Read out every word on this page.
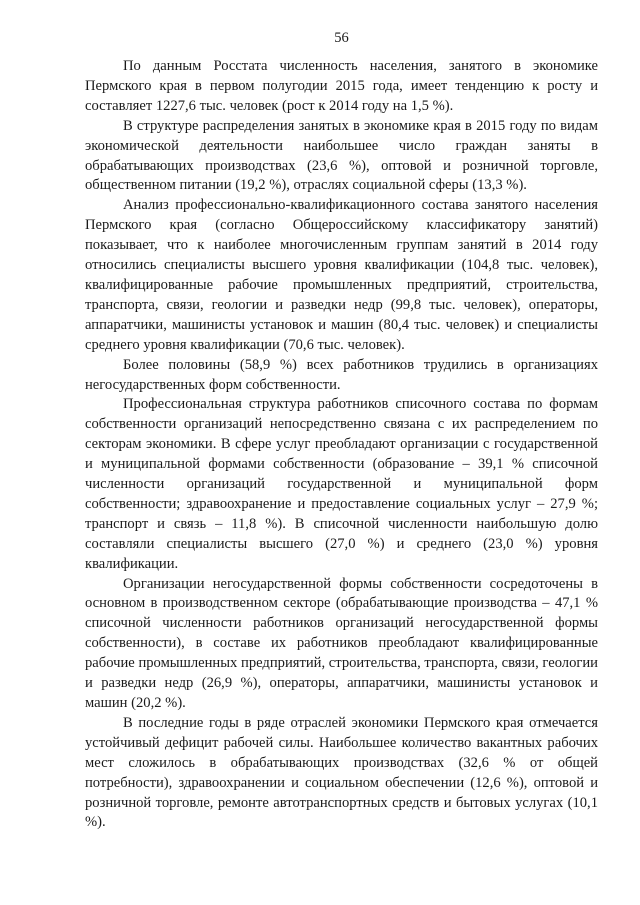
56

По данным Росстата численность населения, занятого в экономике Пермского края в первом полугодии 2015 года, имеет тенденцию к росту и составляет 1227,6 тыс. человек (рост к 2014 году на 1,5 %).

В структуре распределения занятых в экономике края в 2015 году по видам экономической деятельности наибольшее число граждан заняты в обрабатывающих производствах (23,6 %), оптовой и розничной торговле, общественном питании (19,2 %), отраслях социальной сферы (13,3 %).

Анализ профессионально-квалификационного состава занятого населения Пермского края (согласно Общероссийскому классификатору занятий) показывает, что к наиболее многочисленным группам занятий в 2014 году относились специалисты высшего уровня квалификации (104,8 тыс. человек), квалифицированные рабочие промышленных предприятий, строительства, транспорта, связи, геологии и разведки недр (99,8 тыс. человек), операторы, аппаратчики, машинисты установок и машин (80,4 тыс. человек) и специалисты среднего уровня квалификации (70,6 тыс. человек).

Более половины (58,9 %) всех работников трудились в организациях негосударственных форм собственности.

Профессиональная структура работников списочного состава по формам собственности организаций непосредственно связана с их распределением по секторам экономики. В сфере услуг преобладают организации с государственной и муниципальной формами собственности (образование – 39,1 % списочной численности организаций государственной и муниципальной форм собственности; здравоохранение и предоставление социальных услуг – 27,9 %; транспорт и связь – 11,8 %). В списочной численности наибольшую долю составляли специалисты высшего (27,0 %) и среднего (23,0 %) уровня квалификации.

Организации негосударственной формы собственности сосредоточены в основном в производственном секторе (обрабатывающие производства – 47,1 % списочной численности работников организаций негосударственной формы собственности), в составе их работников преобладают квалифицированные рабочие промышленных предприятий, строительства, транспорта, связи, геологии и разведки недр (26,9 %), операторы, аппаратчики, машинисты установок и машин (20,2 %).

В последние годы в ряде отраслей экономики Пермского края отмечается устойчивый дефицит рабочей силы. Наибольшее количество вакантных рабочих мест сложилось в обрабатывающих производствах (32,6 % от общей потребности), здравоохранении и социальном обеспечении (12,6 %), оптовой и розничной торговле, ремонте автотранспортных средств и бытовых услугах (10,1 %).
